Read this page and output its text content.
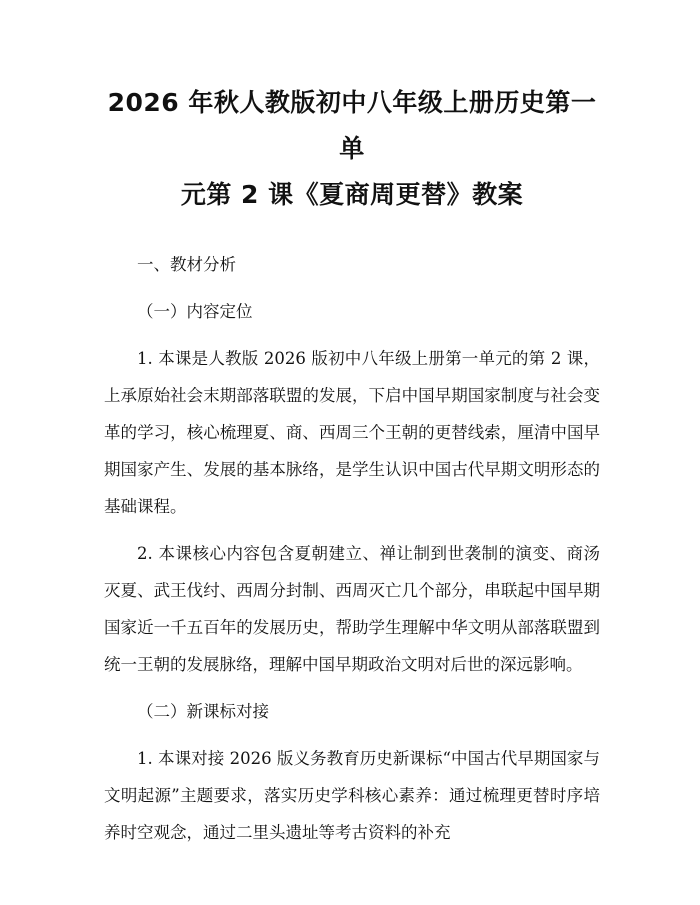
2026 年秋人教版初中八年级上册历史第一单
元第 2 课《夏商周更替》教案

一、教材分析

（一）内容定位

1. 本课是人教版 2026 版初中八年级上册第一单元的第 2 课，上承原始社会末期部落联盟的发展，下启中国早期国家制度与社会变革的学习，核心梳理夏、商、西周三个王朝的更替线索，厘清中国早期国家产生、发展的基本脉络，是学生认识中国古代早期文明形态的基础课程。

2. 本课核心内容包含夏朝建立、禅让制到世袭制的演变、商汤灭夏、武王伐纣、西周分封制、西周灭亡几个部分，串联起中国早期国家近一千五百年的发展历史，帮助学生理解中华文明从部落联盟到统一王朝的发展脉络，理解中国早期政治文明对后世的深远影响。

（二）新课标对接

1. 本课对接 2026 版义务教育历史新课标“中国古代早期国家与文明起源”主题要求，落实历史学科核心素养：通过梳理更替时序培养时空观念，通过二里头遗址等考古资料的补充
